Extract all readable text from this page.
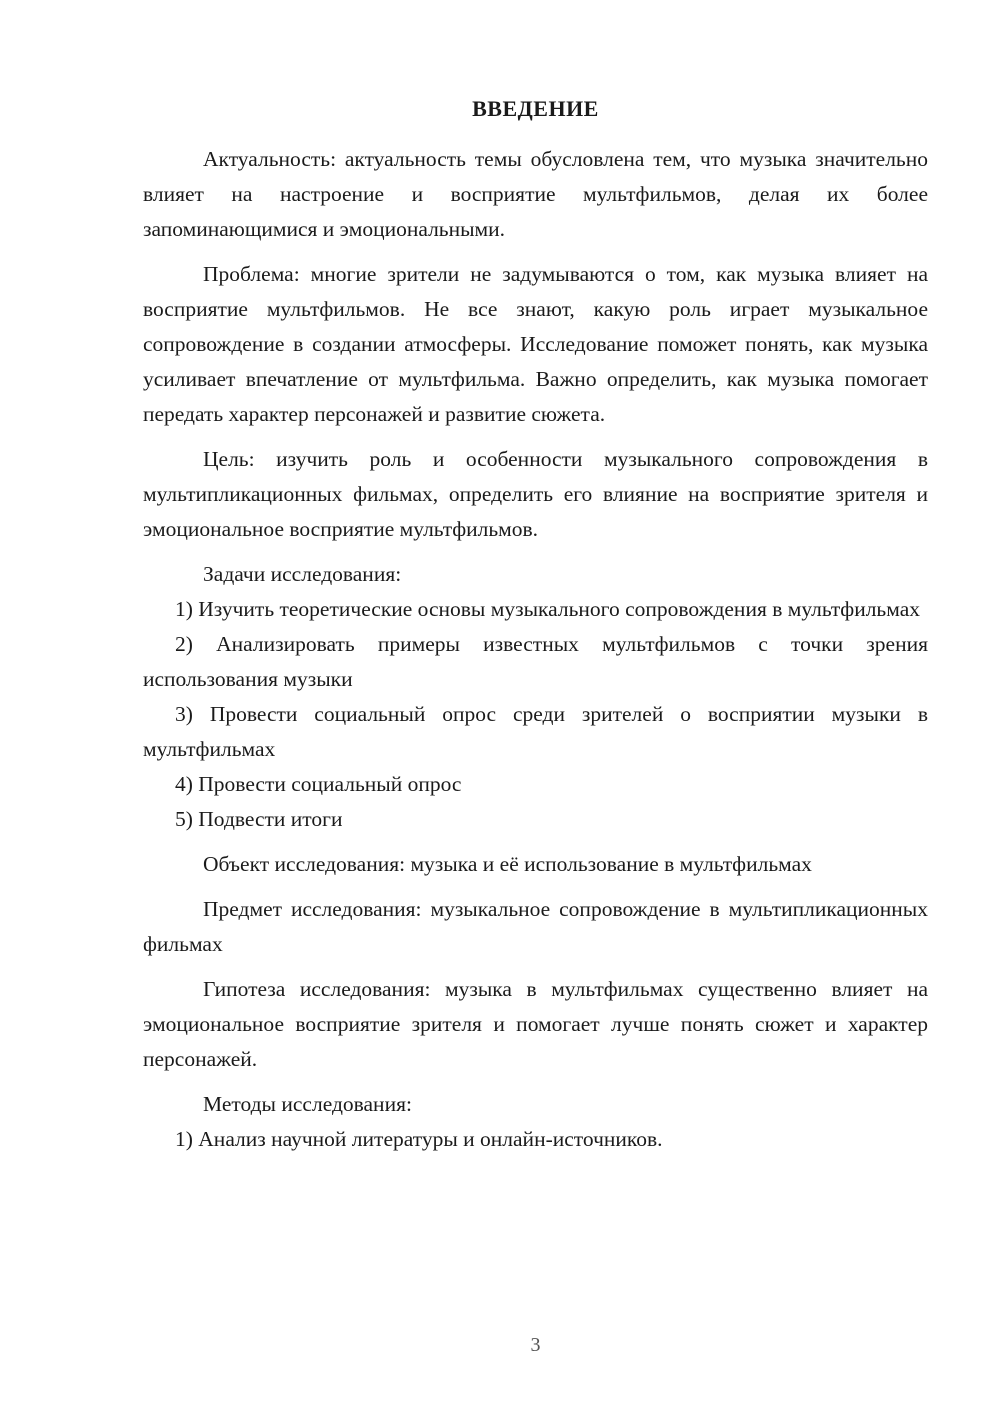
ВВЕДЕНИЕ

Актуальность: актуальность темы обусловлена тем, что музыка значительно влияет на настроение и восприятие мультфильмов, делая их более запоминающимися и эмоциональными.

Проблема: многие зрители не задумываются о том, как музыка влияет на восприятие мультфильмов. Не все знают, какую роль играет музыкальное сопровождение в создании атмосферы. Исследование поможет понять, как музыка усиливает впечатление от мультфильма. Важно определить, как музыка помогает передать характер персонажей и развитие сюжета.

Цель: изучить роль и особенности музыкального сопровождения в мультипликационных фильмах, определить его влияние на восприятие зрителя и эмоциональное восприятие мультфильмов.

Задачи исследования:

1) Изучить теоретические основы музыкального сопровождения в мультфильмах

2) Анализировать примеры известных мультфильмов с точки зрения использования музыки

3) Провести социальный опрос среди зрителей о восприятии музыки в мультфильмах

4) Провести социальный опрос

5) Подвести итоги

Объект исследования: музыка и её использование в мультфильмах

Предмет исследования: музыкальное сопровождение в мультипликационных фильмах

Гипотеза исследования: музыка в мультфильмах существенно влияет на эмоциональное восприятие зрителя и помогает лучше понять сюжет и характер персонажей.

Методы исследования:

1) Анализ научной литературы и онлайн-источников.

3
